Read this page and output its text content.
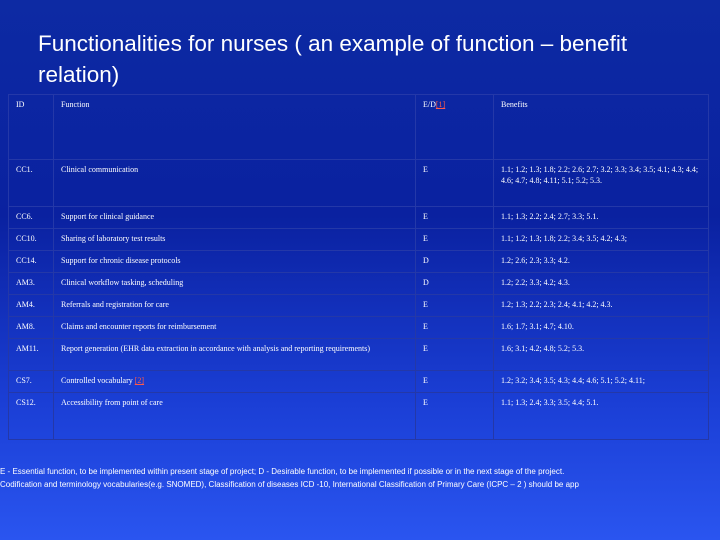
Functionalities for nurses ( an example of function – benefit relation)
ID	Function	E/D[1]	Benefits
CC1.	Clinical communication	E	1.1; 1.2; 1.3; 1.8; 2.2; 2.6; 2.7; 3.2; 3.3; 3.4; 3.5; 4.1; 4.3; 4.4; 4.6; 4.7; 4.8; 4.11; 5.1; 5.2; 5.3.
CC6.	Support for clinical guidance	E	1.1; 1.3; 2.2; 2.4; 2.7; 3.3; 5.1.
CC10.	Sharing of laboratory test results	E	1.1; 1.2; 1.3; 1.8; 2.2; 3.4; 3.5; 4.2; 4.3;
CC14.	Support for chronic disease protocols	D	1.2; 2.6; 2.3; 3.3; 4.2.
AM3.	Clinical workflow tasking, scheduling	D	1.2; 2.2; 3.3; 4.2; 4.3.
AM4.	Referrals and registration for care	E	1.2; 1.3; 2.2; 2.3; 2.4; 4.1; 4.2; 4.3.
AM8.	Claims and encounter reports for reimbursement	E	1.6; 1.7; 3.1; 4.7; 4.10.
AM11.	Report generation (EHR data extraction in accordance with analysis and reporting requirements)	E	1.6; 3.1; 4.2; 4.8; 5.2; 5.3.
CS7.	Controlled vocabulary [2]	E	1.2; 3.2; 3.4; 3.5; 4.3; 4.4; 4.6; 5.1; 5.2; 4.11;
CS12.	Accessibility from point of care	E	1.1; 1.3; 2.4; 3.3; 3.5; 4.4; 5.1.
E - Essential function, to be implemented within present stage of project; D - Desirable function, to be implemented if possible or in the next stage of the project.
Codification and terminology vocabularies(e.g. SNOMED), Classification of diseases ICD -10, International Classification of Primary Care (ICPC – 2 ) should be app
